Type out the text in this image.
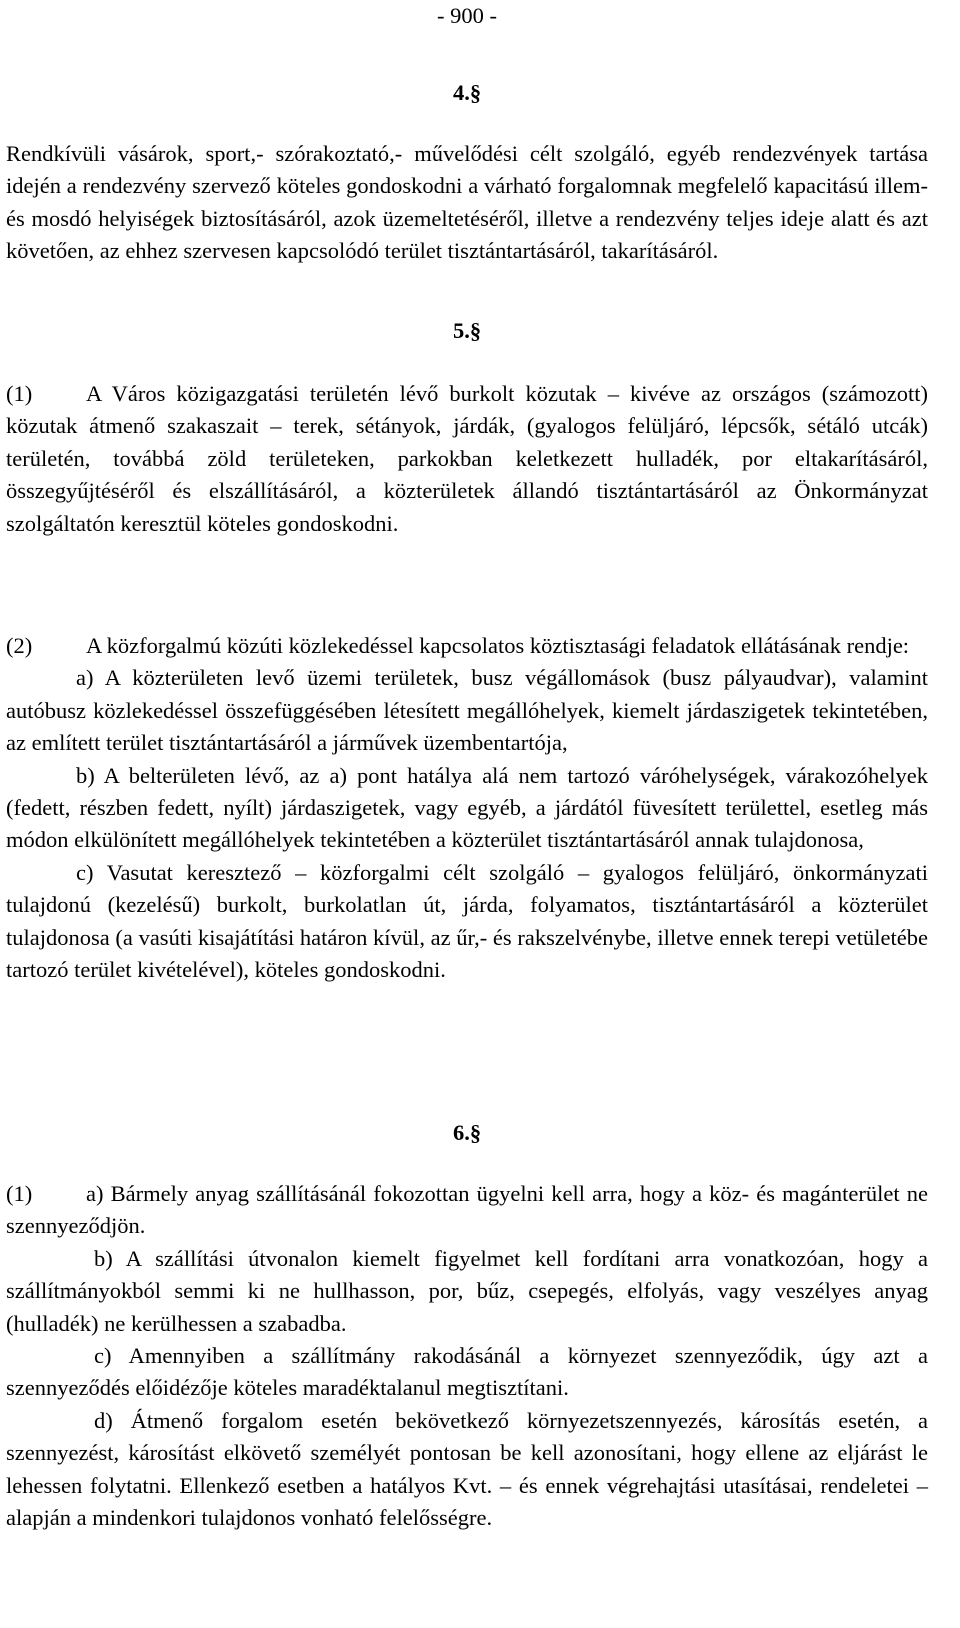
- 900 -
4.§

Rendkívüli vásárok, sport,- szórakoztató,- művelődési célt szolgáló, egyéb rendezvények tartása idején a rendezvény szervező köteles gondoskodni a várható forgalomnak megfelelő kapacitású illem- és mosdó helyiségek biztosításáról, azok üzemeltetéséről, illetve a rendezvény teljes ideje alatt és azt követően, az ehhez szervesen kapcsolódó terület tisztántartásáról, takarításáról.

5.§

(1) A Város közigazgatási területén lévő burkolt közutak – kivéve az országos (számozott) közutak átmenő szakaszait – terek, sétányok, járdák, (gyalogos felüljáró, lépcsők, sétáló utcák) területén, továbbá zöld területeken, parkokban keletkezett hulladék, por eltakarításáról, összegyűjtéséről és elszállításáról, a közterületek állandó tisztántartásáról az Önkormányzat szolgáltatón keresztül köteles gondoskodni.

(2) A közforgalmú közúti közlekedéssel kapcsolatos köztisztasági feladatok ellátásának rendje:

a) A közterületen levő üzemi területek, busz végállomások (busz pályaudvar), valamint autóbusz közlekedéssel összefüggésében létesített megállóhelyek, kiemelt járdaszigetek tekintetében, az említett terület tisztántartásáról a járművek üzembentartója,

b) A belterületen lévő, az a) pont hatálya alá nem tartozó váróhelységek, várakozóhelyek (fedett, részben fedett, nyílt) járdaszigetek, vagy egyéb, a járdától füvesített területtel, esetleg más módon elkülönített megállóhelyek tekintetében a közterület tisztántartásáról annak tulajdonosa,

c) Vasutat keresztező – közforgalmi célt szolgáló – gyalogos felüljáró, önkormányzati tulajdonú (kezelésű) burkolt, burkolatlan út, járda, folyamatos, tisztántartásáról a közterület tulajdonosa (a vasúti kisajátítási határon kívül, az űr,- és rakszelvénybe, illetve ennek terepi vetületébe tartozó terület kivételével), köteles gondoskodni.

6.§

(1) a) Bármely anyag szállításánál fokozottan ügyelni kell arra, hogy a köz- és magánterület ne szennyeződjön.

b) A szállítási útvonalon kiemelt figyelmet kell fordítani arra vonatkozóan, hogy a szállítmányokból semmi ki ne hullhasson, por, bűz, csepegés, elfolyás, vagy veszélyes anyag (hulladék) ne kerülhessen a szabadba.

c) Amennyiben a szállítmány rakodásánál a környezet szennyeződik, úgy azt a szennyeződés előidézője köteles maradéktalanul megtisztítani.

d) Átmenő forgalom esetén bekövetkező környezetszennyezés, károsítás esetén, a szennyezést, károsítást elkövető személyét pontosan be kell azonosítani, hogy ellene az eljárást le lehessen folytatni. Ellenkező esetben a hatályos Kvt. – és ennek végrehajtási utasításai, rendeletei – alapján a mindenkori tulajdonos vonható felelősségre.
